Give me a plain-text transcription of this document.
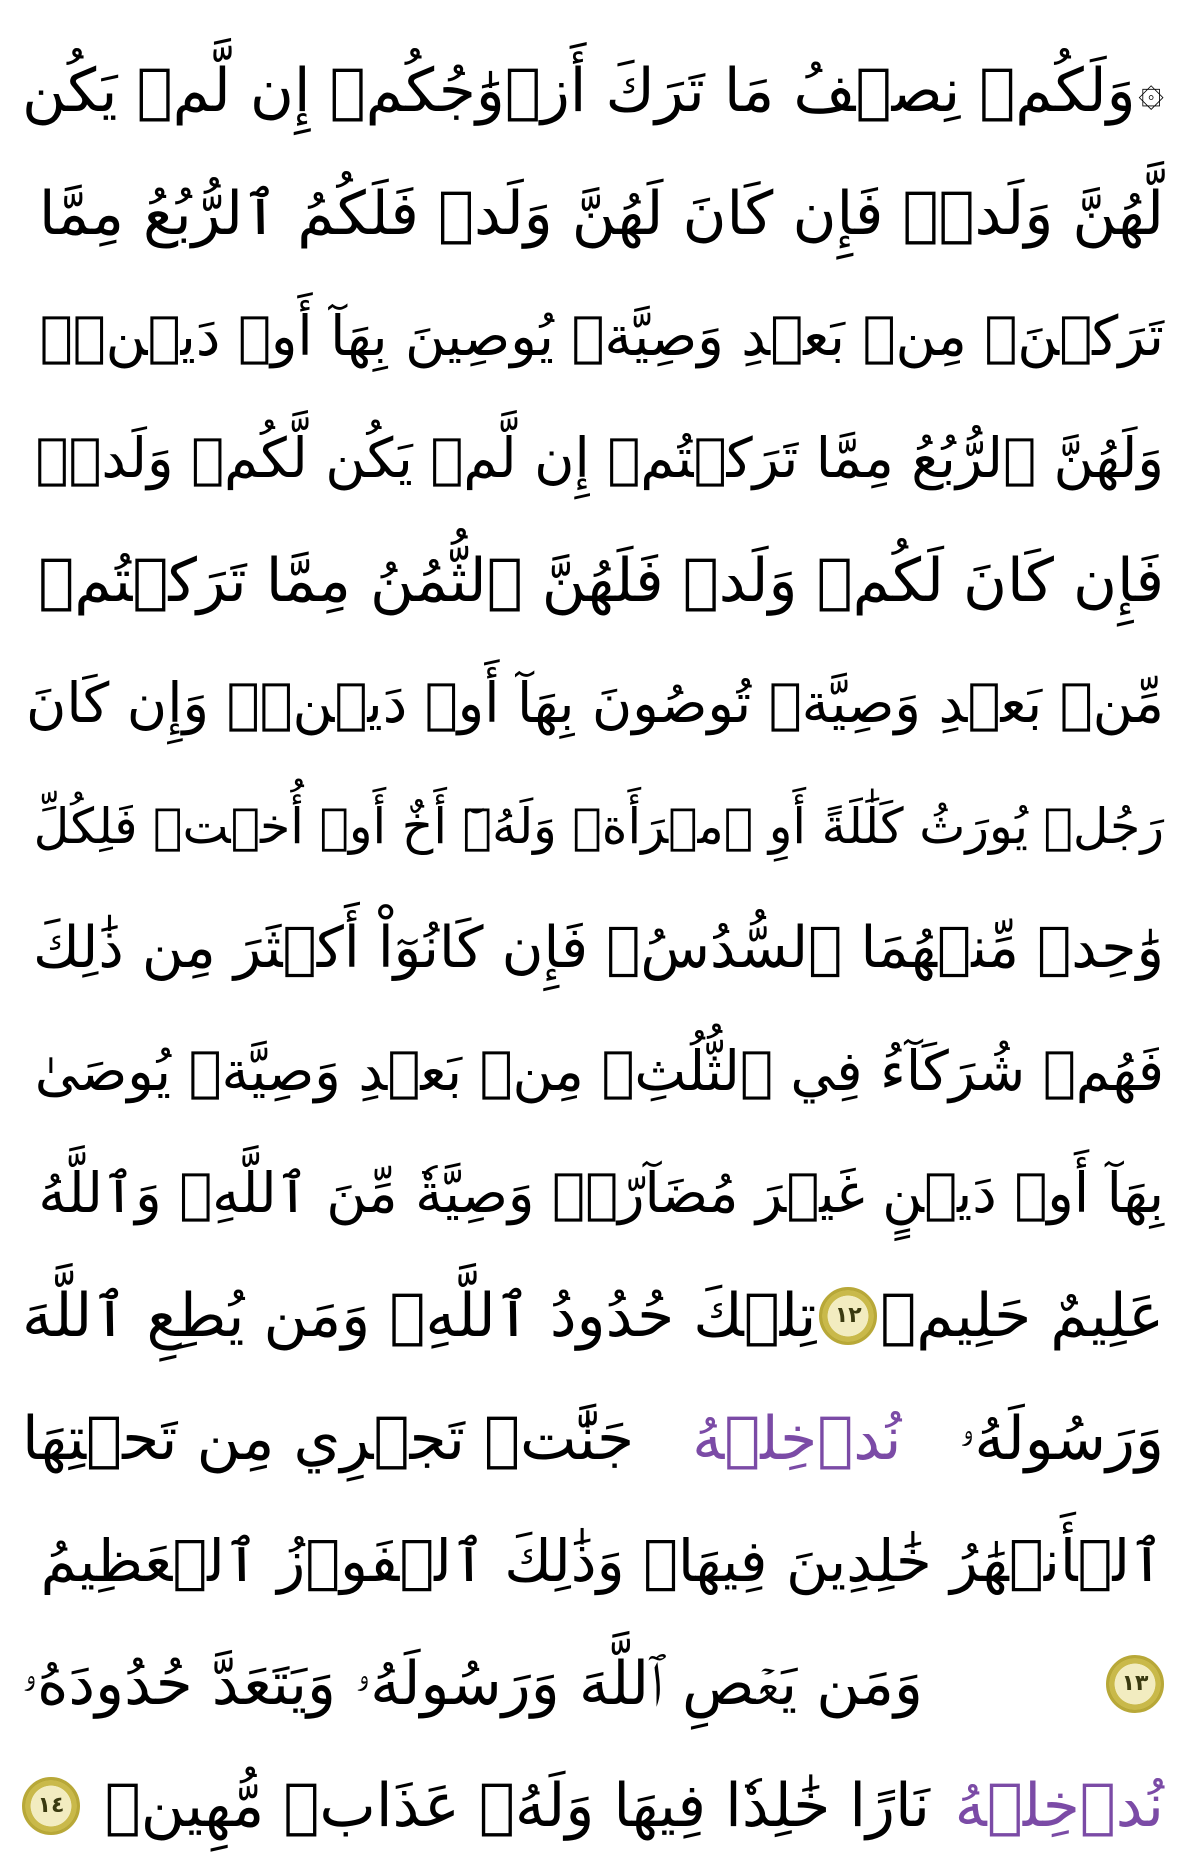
۞
وَلَكُمۡ نِصۡفُ مَا تَرَكَ أَزۡوَٰجُكُمۡ إِن لَّمۡ يَكُن
لَّهُنَّ وَلَدٞۚ فَإِن كَانَ لَهُنَّ وَلَدٞ فَلَكُمُ ٱلرُّبُعُ مِمَّا
تَرَكۡنَۚ مِنۢ بَعۡدِ وَصِيَّةٖ يُوصِينَ بِهَآ أَوۡ دَيۡنٖۚ
وَلَهُنَّ ٱلرُّبُعُ مِمَّا تَرَكۡتُمۡ إِن لَّمۡ يَكُن لَّكُمۡ وَلَدٞۚ
فَإِن كَانَ لَكُمۡ وَلَدٞ فَلَهُنَّ ٱلثُّمُنُ مِمَّا تَرَكۡتُمۚ
مِّنۢ بَعۡدِ وَصِيَّةٖ تُوصُونَ بِهَآ أَوۡ دَيۡنٖۗ وَإِن كَانَ
رَجُلٞ يُورَثُ كَلَٰلَةً أَوِ ٱمۡرَأَةٞ وَلَهُۥٓ أَخٌ أَوۡ أُخۡتٞ فَلِكُلِّ
وَٰحِدٖ مِّنۡهُمَا ٱلسُّدُسُۚ فَإِن كَانُوٓاْ أَكۡثَرَ مِن ذَٰلِكَ
فَهُمۡ شُرَكَآءُ فِي ٱلثُّلُثِۚ مِنۢ بَعۡدِ وَصِيَّةٖ يُوصَىٰ
بِهَآ أَوۡ دَيۡنٍ غَيۡرَ مُضَآرّٖۚ وَصِيَّةٗ مِّنَ ٱللَّهِۗ وَٱللَّهُ
عَلِيمٌ حَلِيمٞ
١٢
تِلۡكَ حُدُودُ ٱللَّهِۚ وَمَن يُطِعِ ٱللَّهَ
وَرَسُولَهُۥ
نُدۡخِلۡهُ
جَنَّٰتٖ تَجۡرِي مِن تَحۡتِهَا
ٱلۡأَنۡهَٰرُ خَٰلِدِينَ فِيهَاۚ وَذَٰلِكَ ٱلۡفَوۡزُ ٱلۡعَظِيمُ
١٣
وَمَن يَعۡصِ ٱللَّهَ وَرَسُولَهُۥ وَيَتَعَدَّ حُدُودَهُۥ
نُدۡخِلۡهُ
نَارًا خَٰلِدٗا فِيهَا وَلَهُۥ عَذَابٞ مُّهِينٞ
١٤
